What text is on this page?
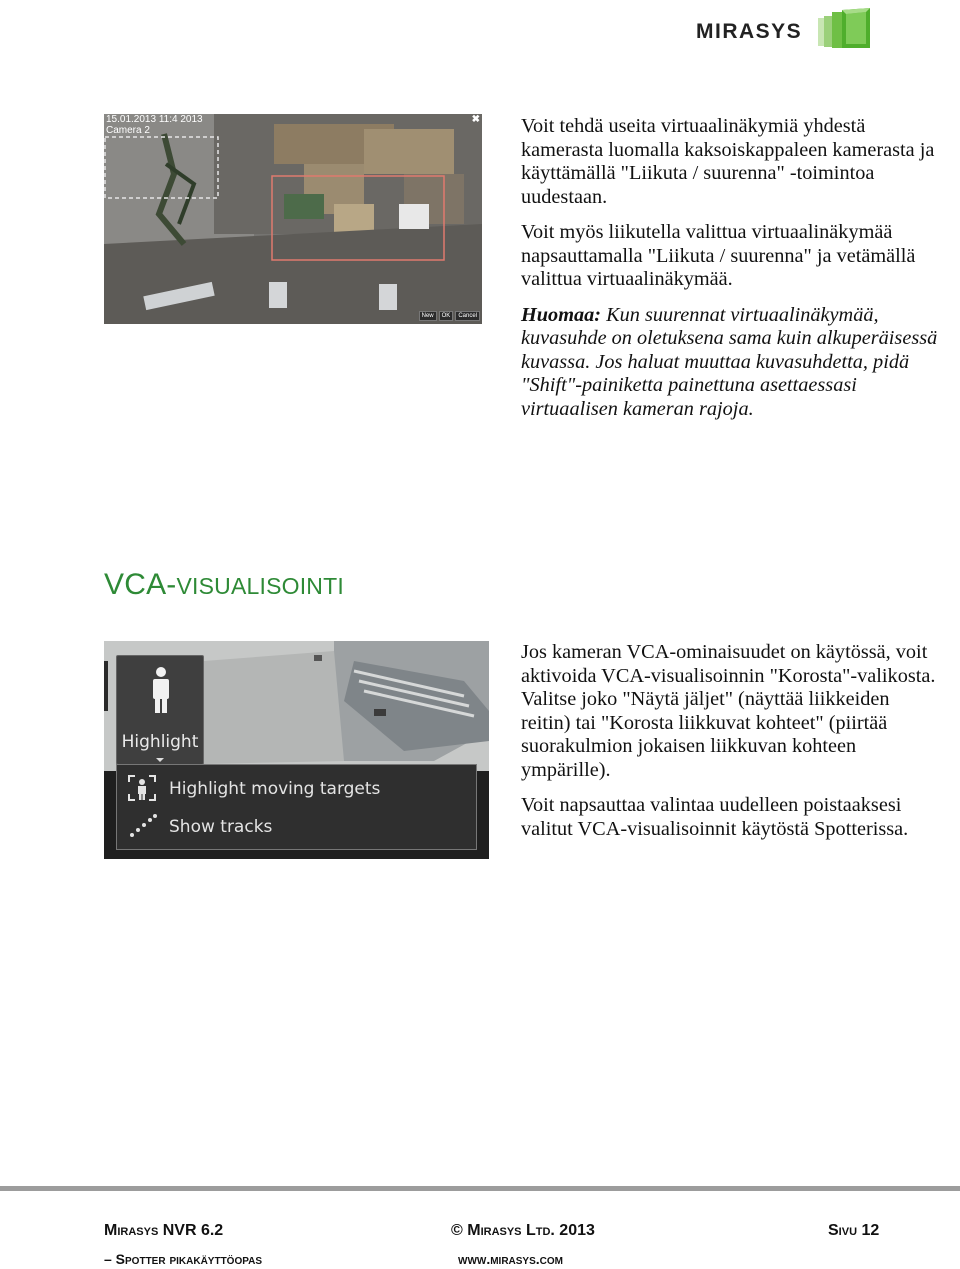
MIRASYS
15.01.2013 11:4 2013
Camera 2
✖
New	OK	Cancel

Voit tehdä useita virtuaalinäkymiä yhdestä kamerasta luomalla kaksoiskappaleen kamerasta ja käyttämällä "Liikuta / suurenna" -toimintoa uudestaan.

Voit myös liikutella valittua virtuaalinäkymää napsauttamalla "Liikuta / suurenna" ja vetämällä valittua virtuaalinäkymää.

Huomaa: Kun suurennat virtuaalinäkymää, kuvasuhde on oletuksena sama kuin alkuperäisessä kuvassa. Jos haluat muuttaa kuvasuhdetta, pidä "Shift"-painiketta painettuna asettaessasi virtuaalisen kameran rajoja.

VCA-VISUALISOINTI
Highlight
Highlight moving targets
Show tracks

Jos kameran VCA-ominaisuudet on käytössä, voit aktivoida VCA-visualisoinnin "Korosta"-valikosta. Valitse joko "Näytä jäljet" (näyttää liikkeiden reitin) tai "Korosta liikkuvat kohteet" (piirtää suorakulmion jokaisen liikkuvan kohteen ympärille).

Voit napsauttaa valintaa uudelleen poistaaksesi valitut VCA-visualisoinnit käytöstä Spotterissa.

Mirasys NVR 6.2
– Spotter pikakäyttöopas
© Mirasys Ltd. 2013
www.mirasys.com
Sivu 12
